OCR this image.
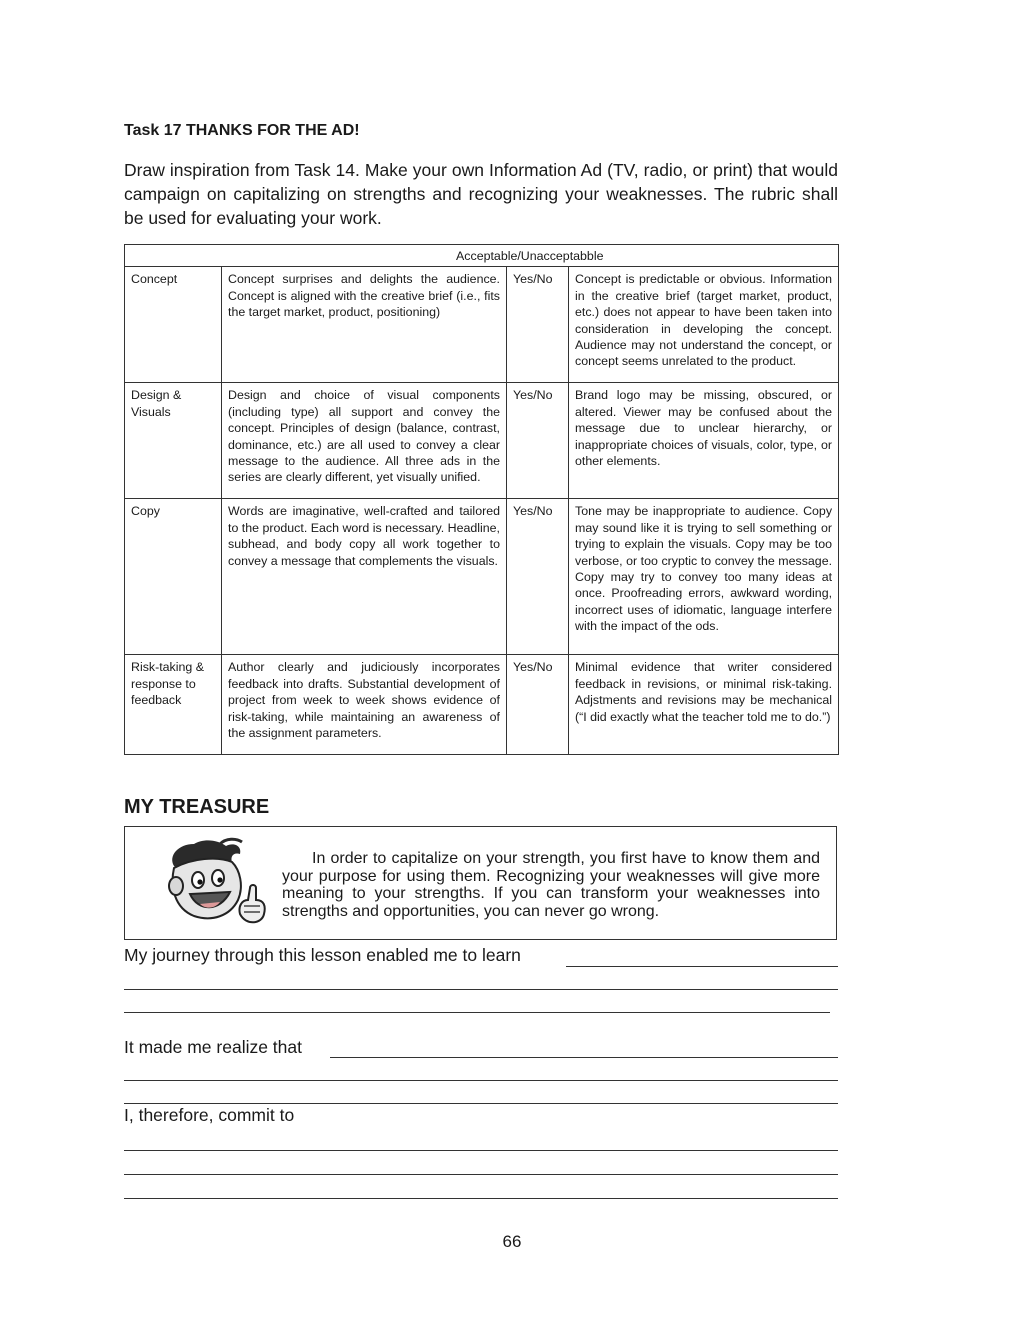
Task 17 THANKS FOR THE AD!
Draw inspiration from Task 14. Make your own Information Ad (TV, radio, or print) that would campaign on capitalizing on strengths and recognizing your weaknesses. The rubric shall be used for evaluating your work.
	Acceptable/Unacceptabble		
Concept	Concept surprises and delights the audience. Concept is aligned with the creative brief (i.e., fits the target market, product, positioning)	Yes/No	Concept is predictable or obvious. Information in the creative brief (target market, product, etc.) does not appear to have been taken into consideration in developing the concept. Audience may not understand the concept, or concept seems unrelated to the product.
Design & Visuals	Design and choice of visual components (including type) all support and convey the concept. Principles of design (balance, contrast, dominance, etc.) are all used to convey a clear message to the audience. All three ads in the series are clearly different, yet visually unified.	Yes/No	Brand logo may be missing, obscured, or altered. Viewer may be confused about the message due to unclear hierarchy, or inappropriate choices of visuals, color, type, or other elements.
Copy	Words are imaginative, well-crafted and tailored to the product. Each word is necessary. Headline, subhead, and body copy all work together to convey a message that complements the visuals.	Yes/No	Tone may be inappropriate to audience. Copy may sound like it is trying to sell something or trying to explain the visuals. Copy may be too verbose, or too cryptic to convey the message. Copy may try to convey too many ideas at once. Proofreading errors, awkward wording, incorrect uses of idiomatic, language interfere with the impact of the ods.
Risk-taking & response to feedback	Author clearly and judiciously incorporates feedback into drafts. Substantial development of project from week to week shows evidence of risk-taking, while maintaining an awareness of the assignment parameters.	Yes/No	Minimal evidence that writer considered feedback in revisions, or minimal risk-taking. Adjstments and revisions may be mechanical (“I did exactly what the teacher told me to do.”)
MY TREASURE
In order to capitalize on your strength, you first have to know them and your purpose for using them. Recognizing your weaknesses will give more meaning to your strengths. If you can transform your weaknesses into strengths and opportunities, you can never go wrong.
My journey through this lesson enabled me to learn
It made me realize that
I, therefore, commit to
66
